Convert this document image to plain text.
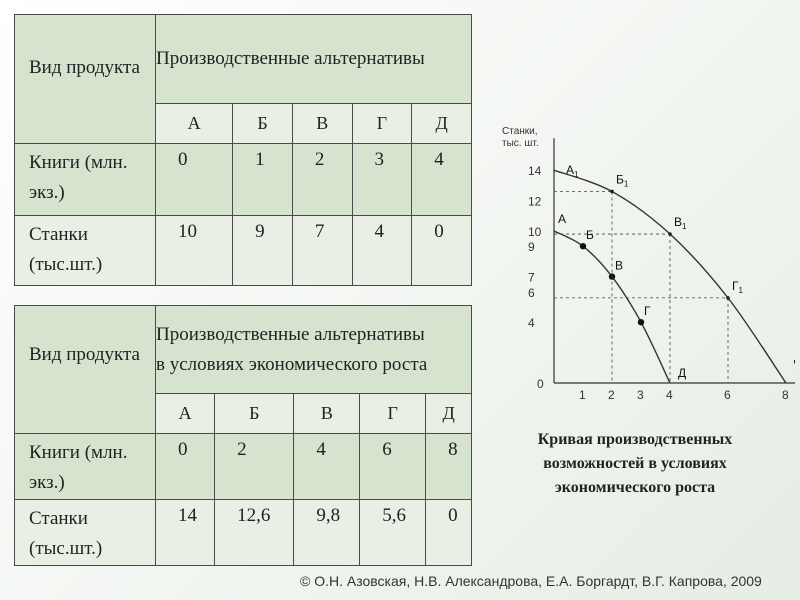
Вид продукта	Производственные альтернативы				
	А	Б	В	Г	Д
Книги (млн. экз.)	0	1	2	3	4
Станки (тыс.шт.)	10	9	7	4	0
Вид продукта	Производственные альтернативы
в условиях экономического роста				

	А	Б	В	Г	Д
Книги (млн. экз.)	0	2	4	6	8
Станки (тыс.шт.)	14	12,6	9,8	5,6	0
Станки,
тыс. шт.
0
1 2 3 4	6	8
14
12
10
9
7
6
4
А
Б
В
Г
Д
$А_1$	$Б_1$
$В_1$
$Г_1$
Кривая производственных возможностей в условиях экономического роста
© О.Н. Азовская, Н.В. Александрова, Е.А. Боргардт, В.Г. Капрова, 2009
